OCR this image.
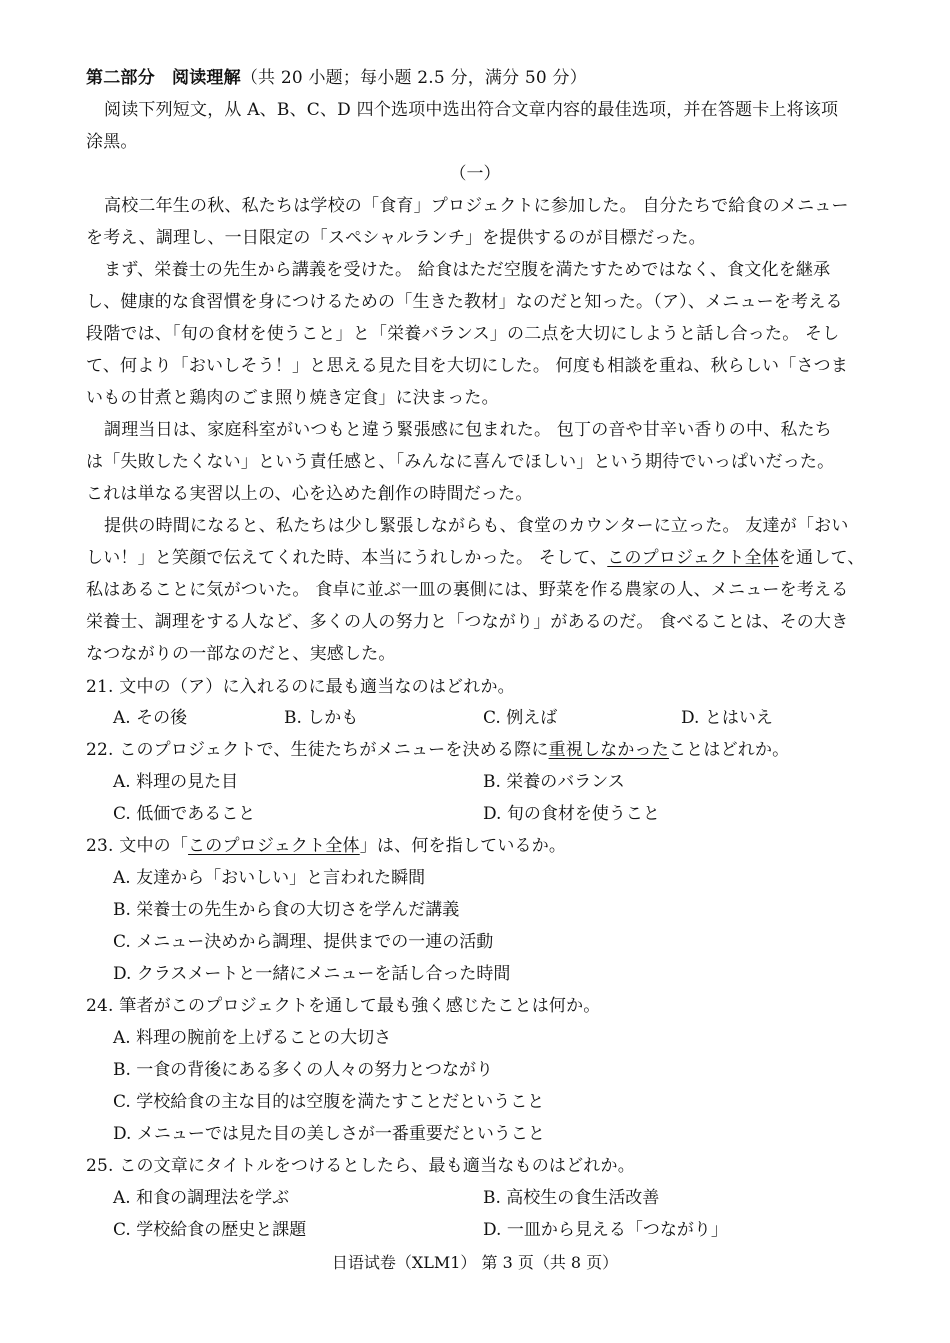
第二部分　阅读理解（共 20 小题；每小题 2.5 分，满分 50 分）
阅读下列短文，从 A、B、C、D 四个选项中选出符合文章内容的最佳选项，并在答题卡上将该项
涂黑。
（一）
高校二年生の秋、私たちは学校の「食育」プロジェクトに参加した。 自分たちで給食のメニュー
を考え、調理し、一日限定の「スペシャルランチ」を提供するのが目標だった。
まず、栄養士の先生から講義を受けた。 給食はただ空腹を満たすためではなく、食文化を継承
し、健康的な食習慣を身につけるための「生きた教材」なのだと知った。（ア）、メニューを考える
段階では、「旬の食材を使うこと」と「栄養バランス」の二点を大切にしようと話し合った。 そし
て、何より「おいしそう！」と思える見た目を大切にした。 何度も相談を重ね、秋らしい「さつま
いもの甘煮と鶏肉のごま照り焼き定食」に決まった。
調理当日は、家庭科室がいつもと違う緊張感に包まれた。 包丁の音や甘辛い香りの中、私たち
は「失敗したくない」という責任感と、「みんなに喜んでほしい」という期待でいっぱいだった。
これは単なる実習以上の、心を込めた創作の時間だった。
提供の時間になると、私たちは少し緊張しながらも、食堂のカウンターに立った。 友達が「おい
しい！」と笑顔で伝えてくれた時、本当にうれしかった。 そして、このプロジェクト全体を通して、
私はあることに気がついた。 食卓に並ぶ一皿の裏側には、野菜を作る農家の人、メニューを考える
栄養士、調理をする人など、多くの人の努力と「つながり」があるのだ。 食べることは、その大き
なつながりの一部なのだと、実感した。
21. 文中の（ア）に入れるのに最も適当なのはどれか。
A. その後	B. しかも	C. 例えば	D. とはいえ
22. このプロジェクトで、生徒たちがメニューを決める際に重視しなかったことはどれか。
A. 料理の見た目	B. 栄養のバランス
C. 低価であること	D. 旬の食材を使うこと
23. 文中の「このプロジェクト全体」は、何を指しているか。
A. 友達から「おいしい」と言われた瞬間
B. 栄養士の先生から食の大切さを学んだ講義
C. メニュー決めから調理、提供までの一連の活動
D. クラスメートと一緒にメニューを話し合った時間
24. 筆者がこのプロジェクトを通して最も強く感じたことは何か。
A. 料理の腕前を上げることの大切さ
B. 一食の背後にある多くの人々の努力とつながり
C. 学校給食の主な目的は空腹を満たすことだということ
D. メニューでは見た目の美しさが一番重要だということ
25. この文章にタイトルをつけるとしたら、最も適当なものはどれか。
A. 和食の調理法を学ぶ	B. 高校生の食生活改善
C. 学校給食の歴史と課題	D. 一皿から見える「つながり」
日语试卷（XLM1） 第 3 页（共 8 页）
